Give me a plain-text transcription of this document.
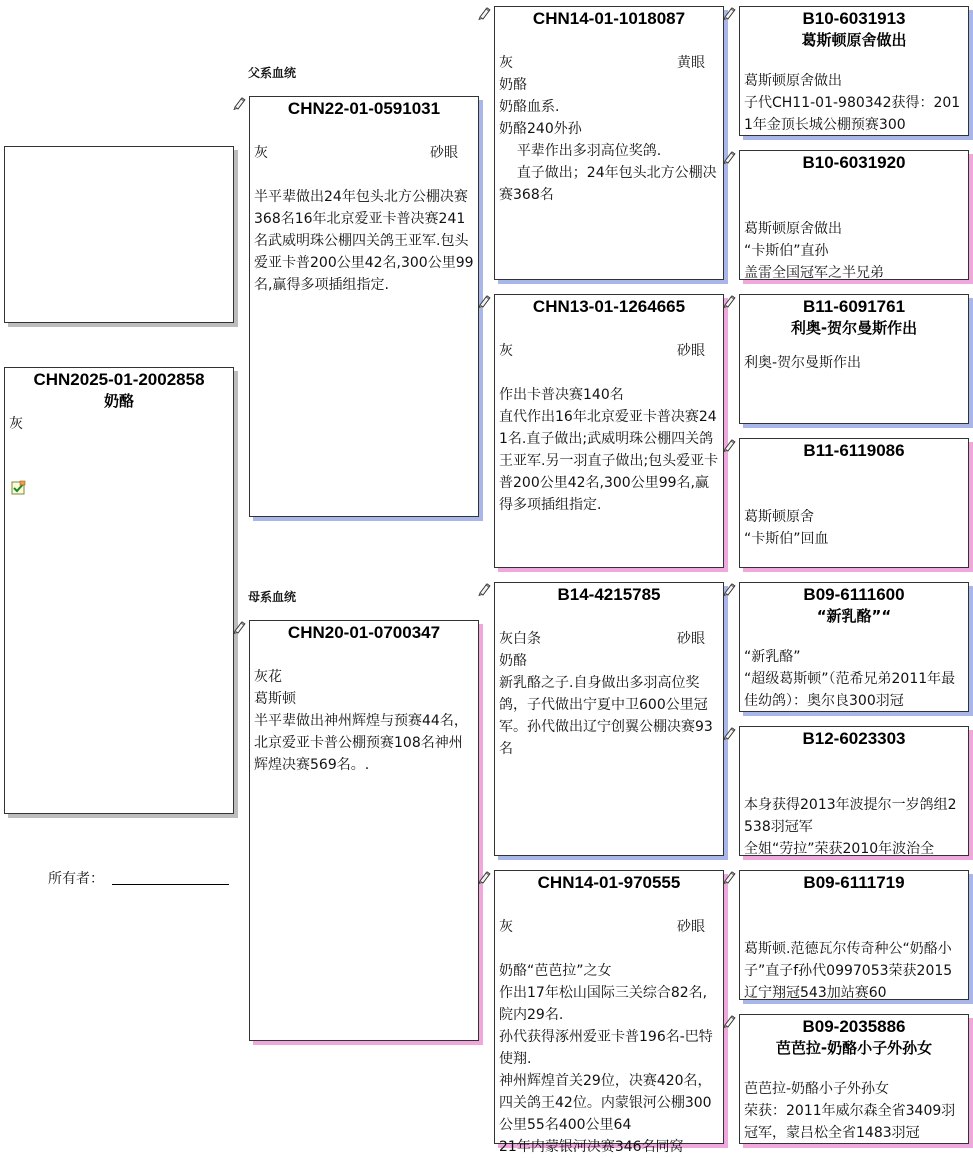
父系血统
母系血统
CHN2025-01-2002858
奶酪
灰
所有者：
CHN22-01-0591031
灰	砂眼
半平辈做出24年包头北方公棚决赛368名16年北京爱亚卡普决赛241名武威明珠公棚四关鸽王亚军.包头爱亚卡普200公里42名,300公里99名,赢得多项插组指定.
CHN20-01-0700347
灰花
葛斯顿
半平辈做出神州辉煌与预赛44名，北京爱亚卡普公棚预赛108名神州辉煌决赛569名。.
CHN14-01-1018087
灰	黄眼
奶酪
奶酪血系.
奶酪240外孙
平辈作出多羽高位奖鸽.
直子做出；24年包头北方公棚决赛368名
CHN13-01-1264665
灰	砂眼
作出卡普决赛140名
直代作出16年北京爱亚卡普决赛241名.直子做出;武威明珠公棚四关鸽王亚军.另一羽直子做出;包头爱亚卡普200公里42名,300公里99名,赢得多项插组指定.
B14-4215785
灰白条	砂眼
奶酪
新乳酪之子.自身做出多羽高位奖鸽，子代做出宁夏中卫600公里冠军。孙代做出辽宁创翼公棚决赛93名
CHN14-01-970555
灰	砂眼
奶酪“芭芭拉”之女
作出17年松山国际三关综合82名,院内29名.
孙代获得涿州爱亚卡普196名-巴特使翔.
神州辉煌首关29位，决赛420名，四关鸽王42位。内蒙银河公棚300公里55名400公里64
21年内蒙银河决赛346名同窝
B10-6031913
葛斯顿原舍做出
葛斯顿原舍做出
子代CH11-01-980342获得：2011年金顶长城公棚预赛300
B10-6031920
葛斯顿原舍做出
“卡斯伯”直孙
盖雷全国冠军之半兄弟
B11-6091761
利奥-贺尔曼斯作出
利奥-贺尔曼斯作出
B11-6119086
葛斯顿原舍
“卡斯伯”回血
B09-6111600
“新乳酪”“
“新乳酪”
“超级葛斯顿”（范希兄弟2011年最佳幼鸽）：奥尔良300羽冠
B12-6023303
本身获得2013年波提尔一岁鸽组2538羽冠军
全姐“劳拉”荣获2010年波治全
B09-6111719
葛斯顿.范德瓦尔传奇种公“奶酪小子”直子f孙代0997053荣获2015辽宁翔冠543加站赛60
B09-2035886
芭芭拉-奶酪小子外孙女
芭芭拉-奶酪小子外孙女
荣获：2011年威尔森全省3409羽冠军，蒙吕松全省1483羽冠
